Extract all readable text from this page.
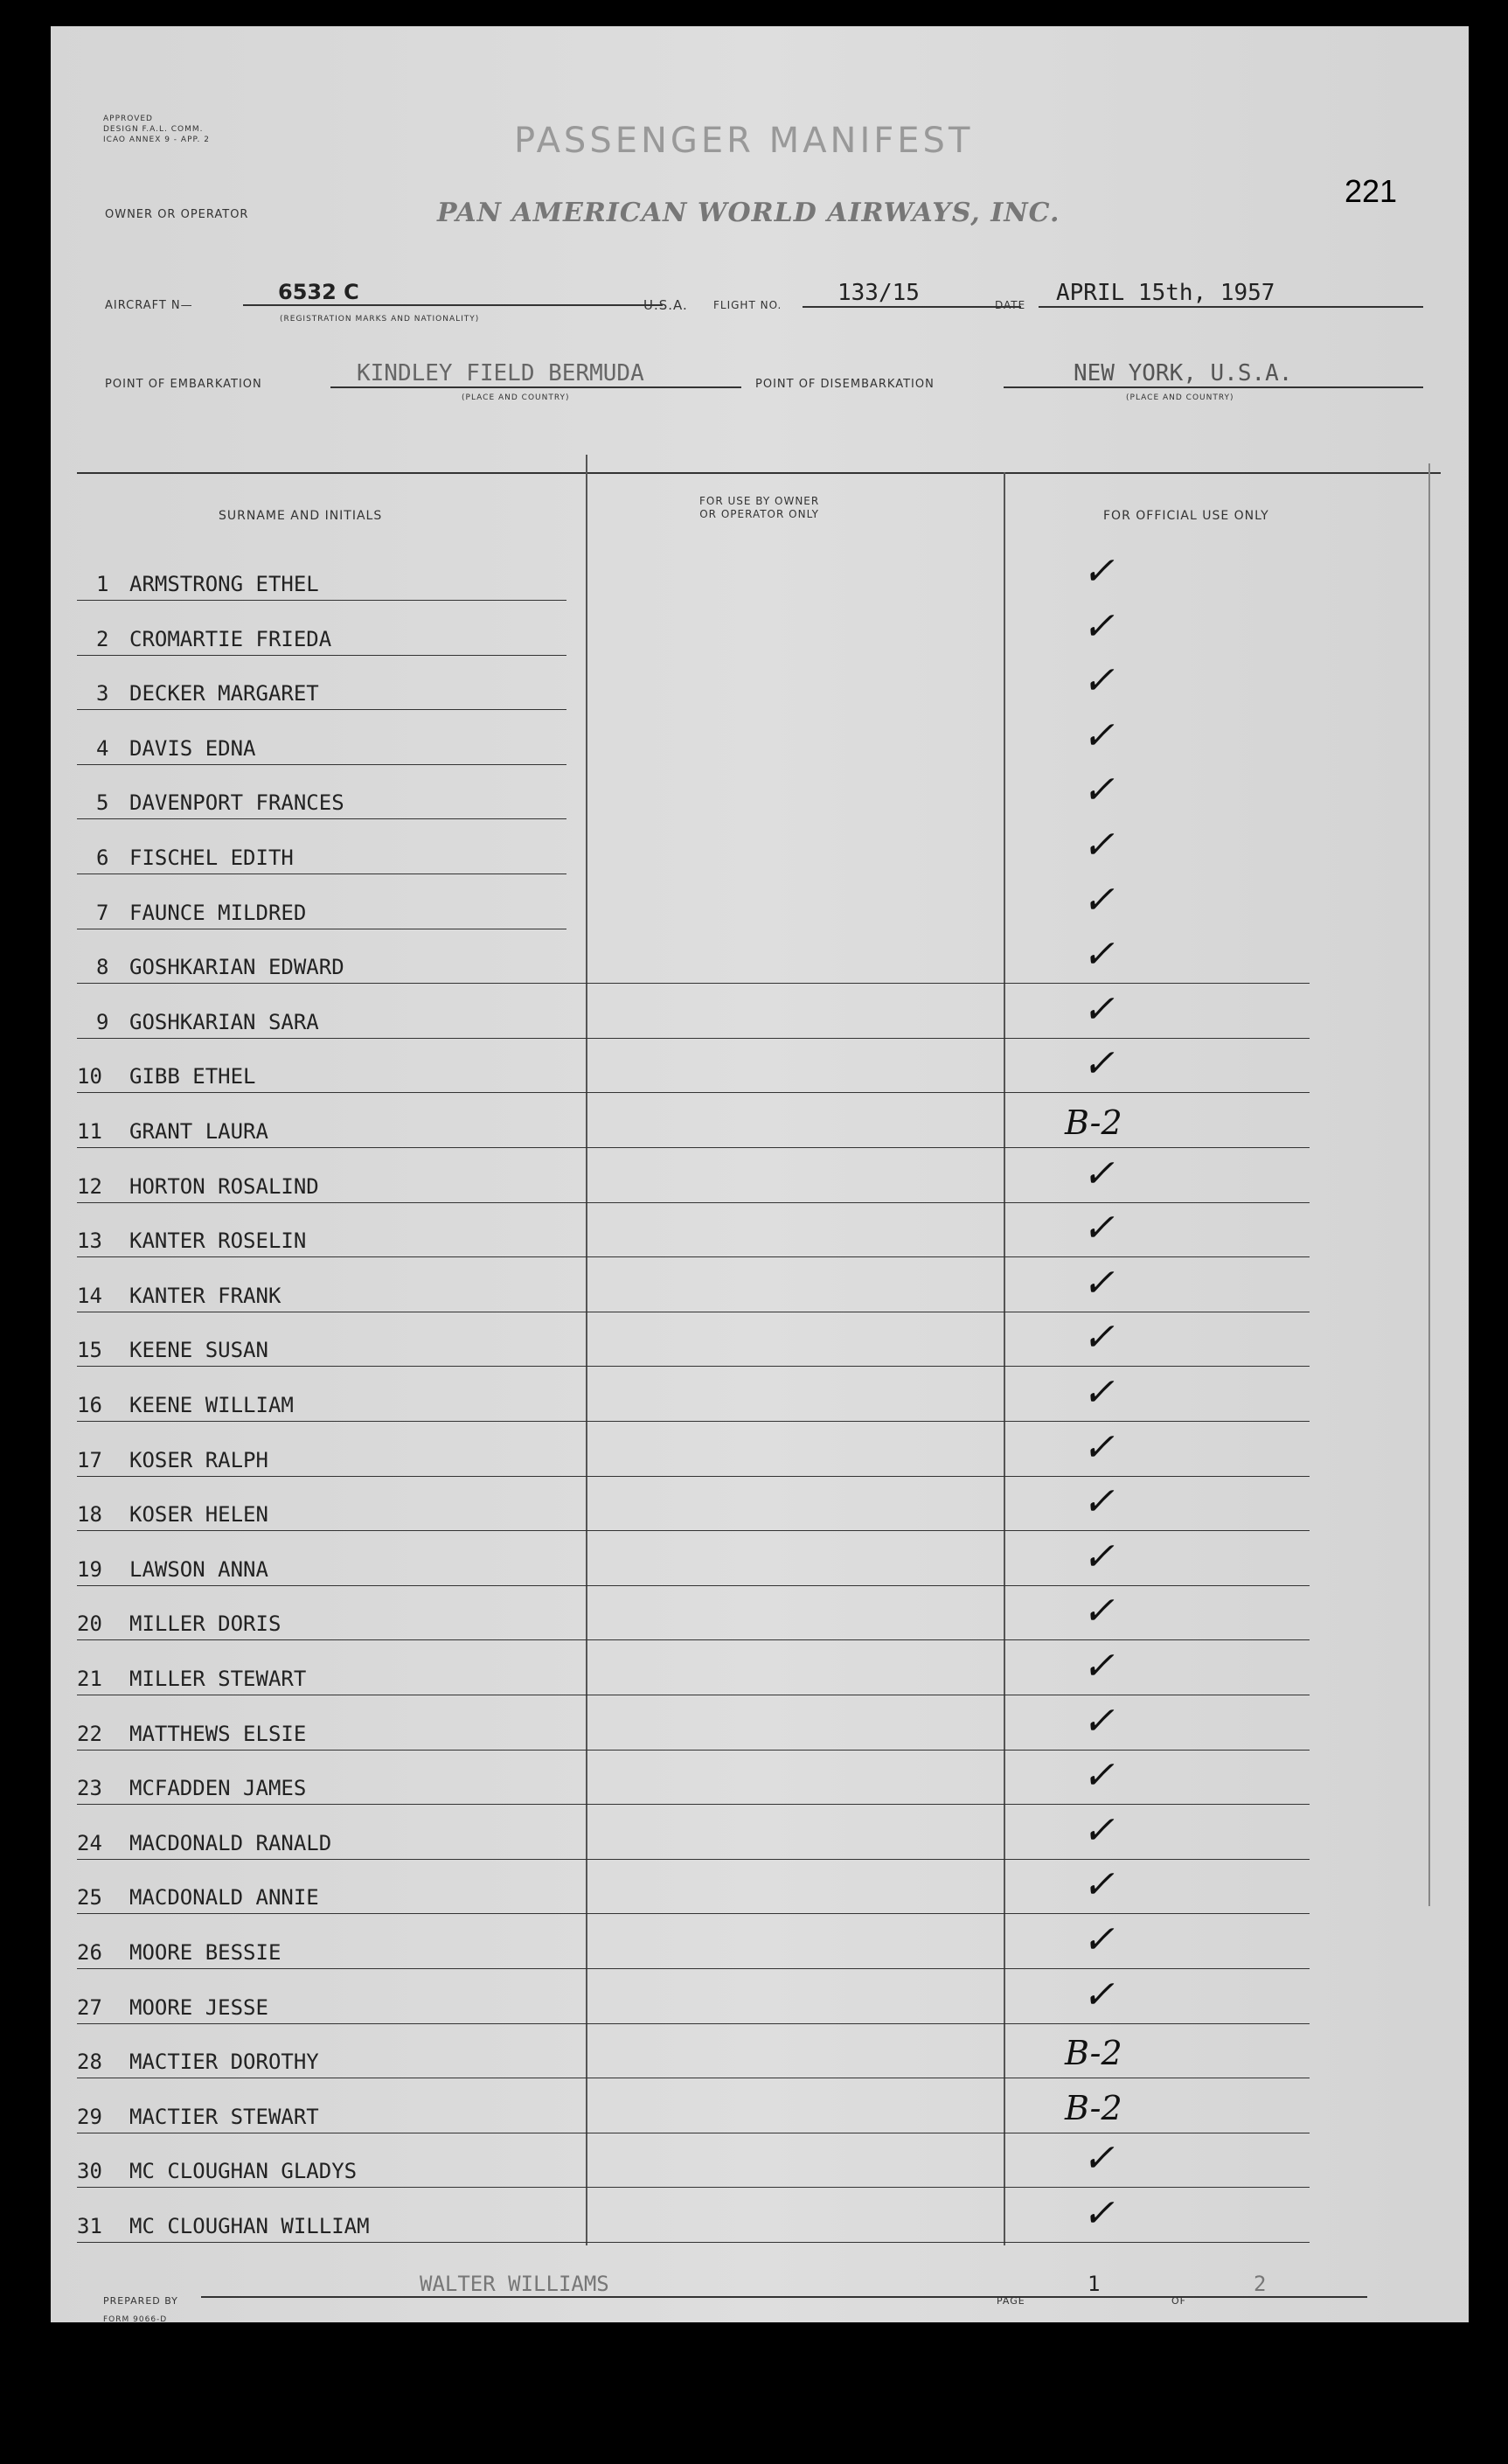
APPROVED
DESIGN F.A.L. COMM.
ICAO ANNEX 9 - APP. 2	PASSENGER MANIFEST
221
OWNER OR OPERATOR	PAN AMERICAN WORLD AIRWAYS, INC.
AIRCRAFT N—
6532 C
(REGISTRATION MARKS AND NATIONALITY)
U.S.A. FLIGHT NO.	133/15	DATE	APRIL 15th, 1957
POINT OF EMBARKATION	KINDLEY FIELD BERMUDA
(PLACE AND COUNTRY)
POINT OF DISEMBARKATION	NEW YORK, U.S.A.
(PLACE AND COUNTRY)
SURNAME AND INITIALS
FOR USE BY OWNER
OR OPERATOR ONLY	FOR OFFICIAL USE ONLY
1 ARMSTRONG ETHEL	✓
2 CROMARTIE FRIEDA	✓
3 DECKER MARGARET	✓
4 DAVIS EDNA	✓
5 DAVENPORT FRANCES	✓
6 FISCHEL EDITH	✓
7 FAUNCE MILDRED	✓
8 GOSHKARIAN EDWARD	✓
9 GOSHKARIAN SARA	✓
10 GIBB ETHEL	✓
11 GRANT LAURA	B-2
12 HORTON ROSALIND	✓
13 KANTER ROSELIN	✓
14 KANTER FRANK	✓
15 KEENE SUSAN	✓
16 KEENE WILLIAM	✓
17 KOSER RALPH	✓
18 KOSER HELEN	✓
19 LAWSON ANNA	✓
20 MILLER DORIS	✓
21 MILLER STEWART	✓
22 MATTHEWS ELSIE	✓
23 MCFADDEN JAMES	✓
24 MACDONALD RANALD	✓
25 MACDONALD ANNIE	✓
26 MOORE BESSIE	✓
27 MOORE JESSE	✓
28 MACTIER DOROTHY	B-2
29 MACTIER STEWART	B-2
30 MC CLOUGHAN GLADYS	✓
31 MC CLOUGHAN WILLIAM	✓
PREPARED BY
WALTER WILLIAMS
PAGE
1
OF
2
FORM 9066-D
